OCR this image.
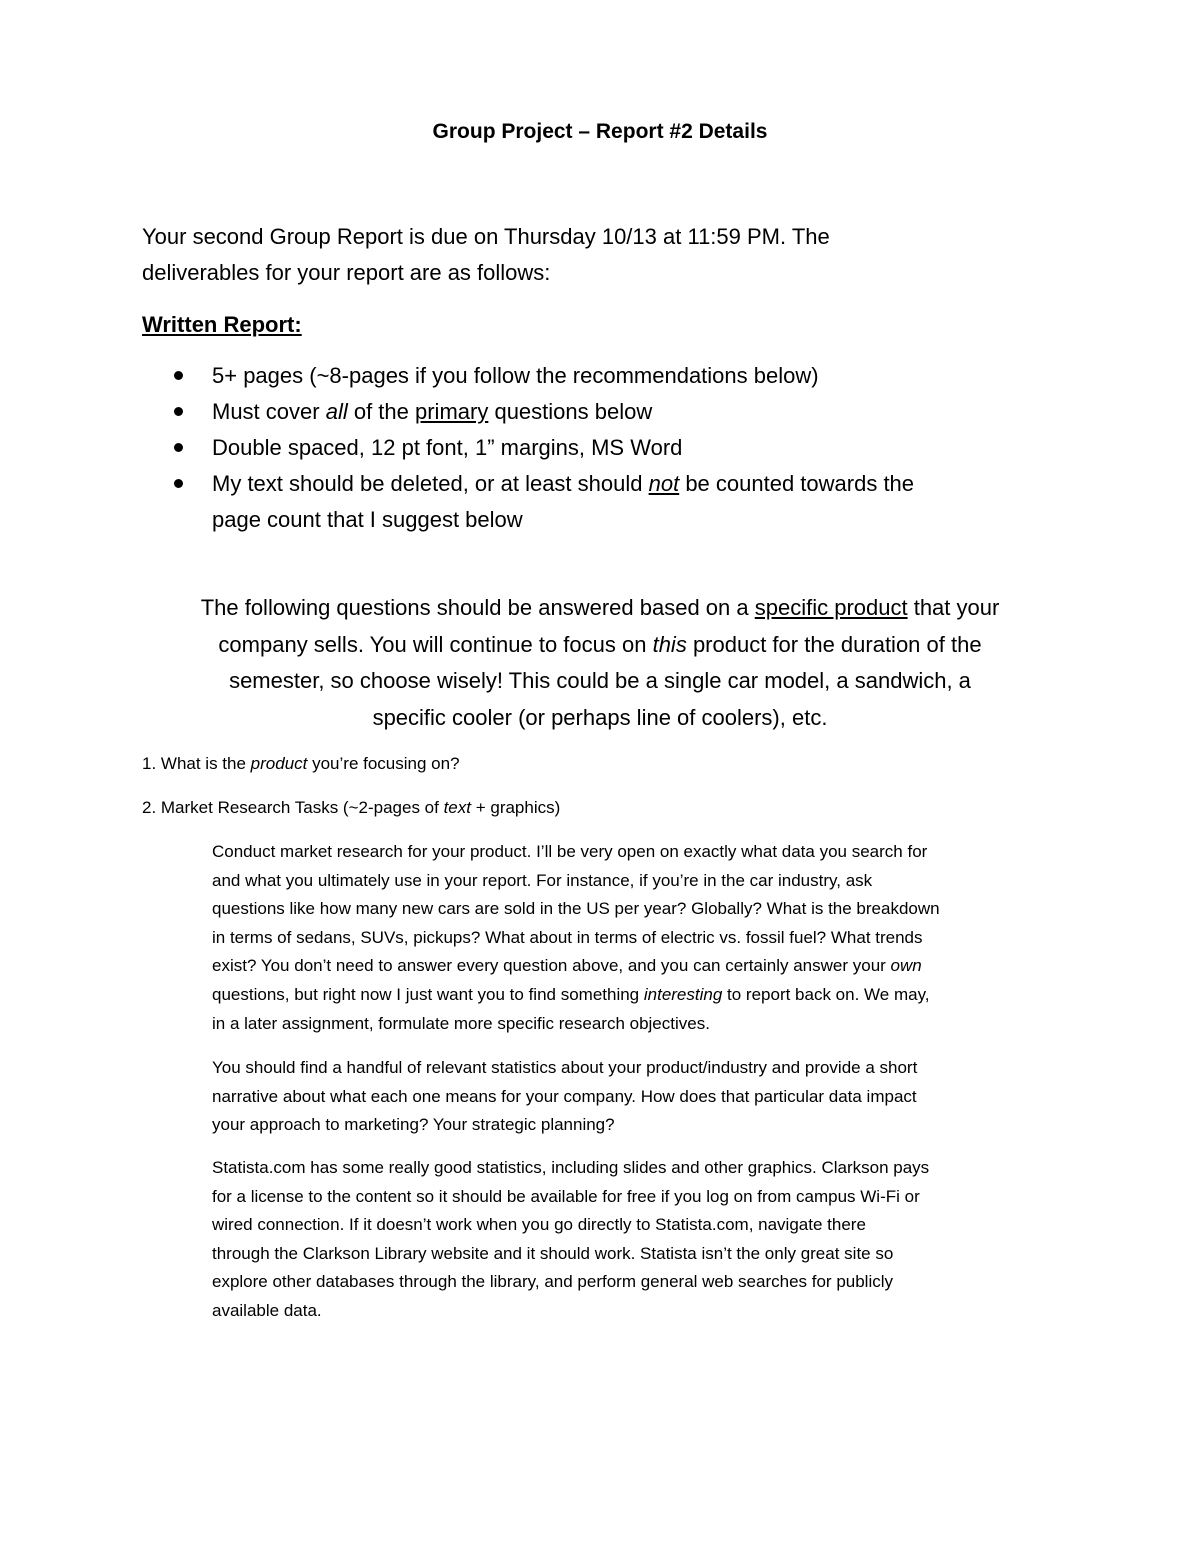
Group Project – Report #2 Details
Your second Group Report is due on Thursday 10/13 at 11:59 PM. The
deliverables for your report are as follows:
Written Report:
5+ pages (~8-pages if you follow the recommendations below)
Must cover all of the primary questions below
Double spaced, 12 pt font, 1” margins, MS Word
My text should be deleted, or at least should not be counted towards the
page count that I suggest below
The following questions should be answered based on a specific product that your
company sells. You will continue to focus on this product for the duration of the
semester, so choose wisely! This could be a single car model, a sandwich, a
specific cooler (or perhaps line of coolers), etc.
1. What is the product you’re focusing on?
2. Market Research Tasks (~2-pages of text + graphics)
Conduct market research for your product. I’ll be very open on exactly what data you search for
and what you ultimately use in your report. For instance, if you’re in the car industry, ask
questions like how many new cars are sold in the US per year? Globally? What is the breakdown
in terms of sedans, SUVs, pickups? What about in terms of electric vs. fossil fuel? What trends
exist? You don’t need to answer every question above, and you can certainly answer your own
questions, but right now I just want you to find something interesting to report back on. We may,
in a later assignment, formulate more specific research objectives.
You should find a handful of relevant statistics about your product/industry and provide a short
narrative about what each one means for your company. How does that particular data impact
your approach to marketing? Your strategic planning?
Statista.com has some really good statistics, including slides and other graphics. Clarkson pays
for a license to the content so it should be available for free if you log on from campus Wi-Fi or
wired connection. If it doesn’t work when you go directly to Statista.com, navigate there
through the Clarkson Library website and it should work. Statista isn’t the only great site so
explore other databases through the library, and perform general web searches for publicly
available data.
